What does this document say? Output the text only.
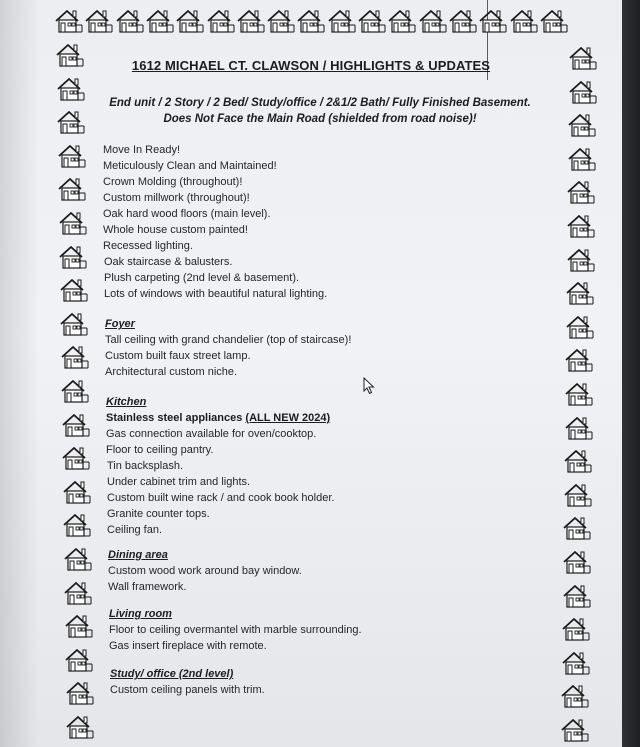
1612 MICHAEL CT. CLAWSON / HIGHLIGHTS & UPDATES
End unit / 2 Story / 2 Bed/ Study/office / 2&1/2 Bath/ Fully Finished Basement.
Does Not Face the Main Road (shielded from road noise)!
Move In Ready!
Meticulously Clean and Maintained!
Crown Molding (throughout)!
Custom millwork (throughout)!
Oak hard wood floors (main level).
Whole house custom painted!
Recessed lighting.
Oak staircase & balusters.
Plush carpeting (2nd level & basement).
Lots of windows with beautiful natural lighting.
Foyer
Tall ceiling with grand chandelier (top of staircase)!
Custom built faux street lamp.
Architectural custom niche.
Kitchen
Stainless steel appliances (ALL NEW 2024)
Gas connection available for oven/cooktop.
Floor to ceiling pantry.
Tin backsplash.
Under cabinet trim and lights.
Custom built wine rack / and cook book holder.
Granite counter tops.
Ceiling fan.
Dining area
Custom wood work around bay window.
Wall framework.
Living room
Floor to ceiling overmantel with marble surrounding.
Gas insert fireplace with remote.
Study/ office (2nd level)
Custom ceiling panels with trim.
